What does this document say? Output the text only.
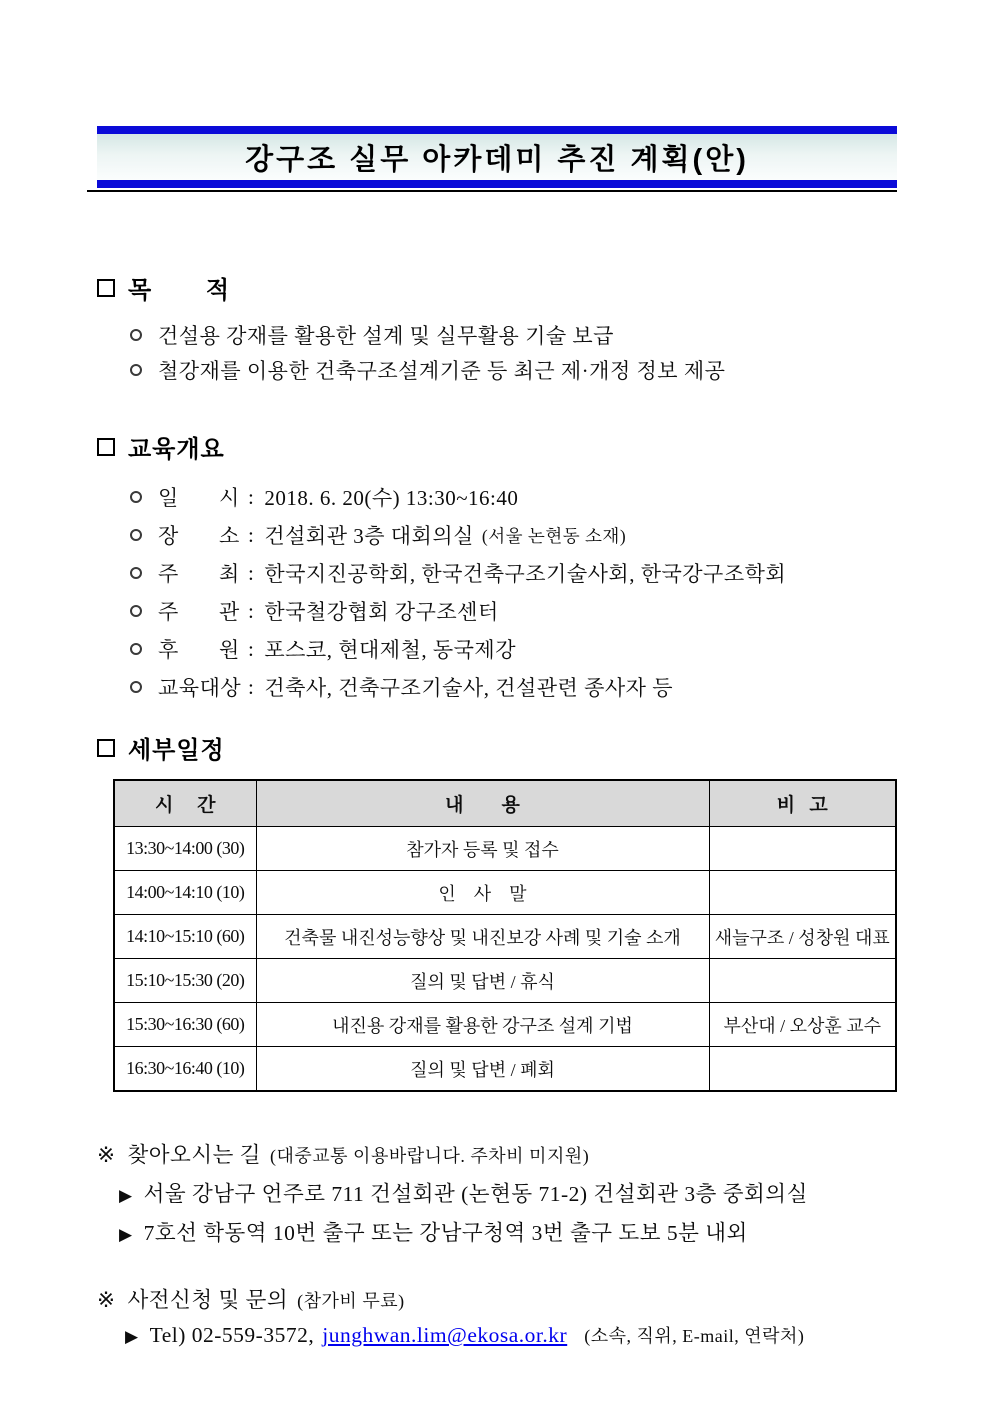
강구조 실무 아카데미 추진 계획(안)
목       적
건설용 강재를 활용한 설계 및 실무활용 기술 보급
철강재를 이용한 건축구조설계기준 등 최근 제·개정 정보 제공
교육개요
일       시 : 2018. 6. 20(수) 13:30~16:40
장       소 : 건설회관 3층 대회의실 (서울 논현동 소재)
주       최 : 한국지진공학회, 한국건축구조기술사회, 한국강구조학회
주       관 : 한국철강협회 강구조센터
후       원 : 포스코, 현대제철, 동국제강
교육대상 : 건축사, 건축구조기술사, 건설관련 종사자 등
세부일정
시     간	내        용	비   고
13:30~14:00 (30)	참가자 등록 및 접수	
14:00~14:10 (10)	인    사    말	
14:10~15:10 (60)	건축물 내진성능향상 및 내진보강 사례 및 기술 소개	새늘구조 / 성창원 대표
15:10~15:30 (20)	질의 및 답변 / 휴식	
15:30~16:30 (60)	내진용 강재를 활용한 강구조 설계 기법	부산대 / 오상훈 교수
16:30~16:40 (10)	질의 및 답변 / 폐회	
※ 찾아오시는 길 (대중교통 이용바랍니다. 주차비 미지원)
▶ 서울 강남구 언주로 711 건설회관 (논현동 71-2) 건설회관 3층 중회의실
▶ 7호선 학동역 10번 출구 또는 강남구청역 3번 출구 도보 5분 내외
※ 사전신청 및 문의 (참가비 무료)
▶ Tel) 02-559-3572, junghwan.lim@ekosa.or.kr (소속, 직위, E-mail, 연락처)
